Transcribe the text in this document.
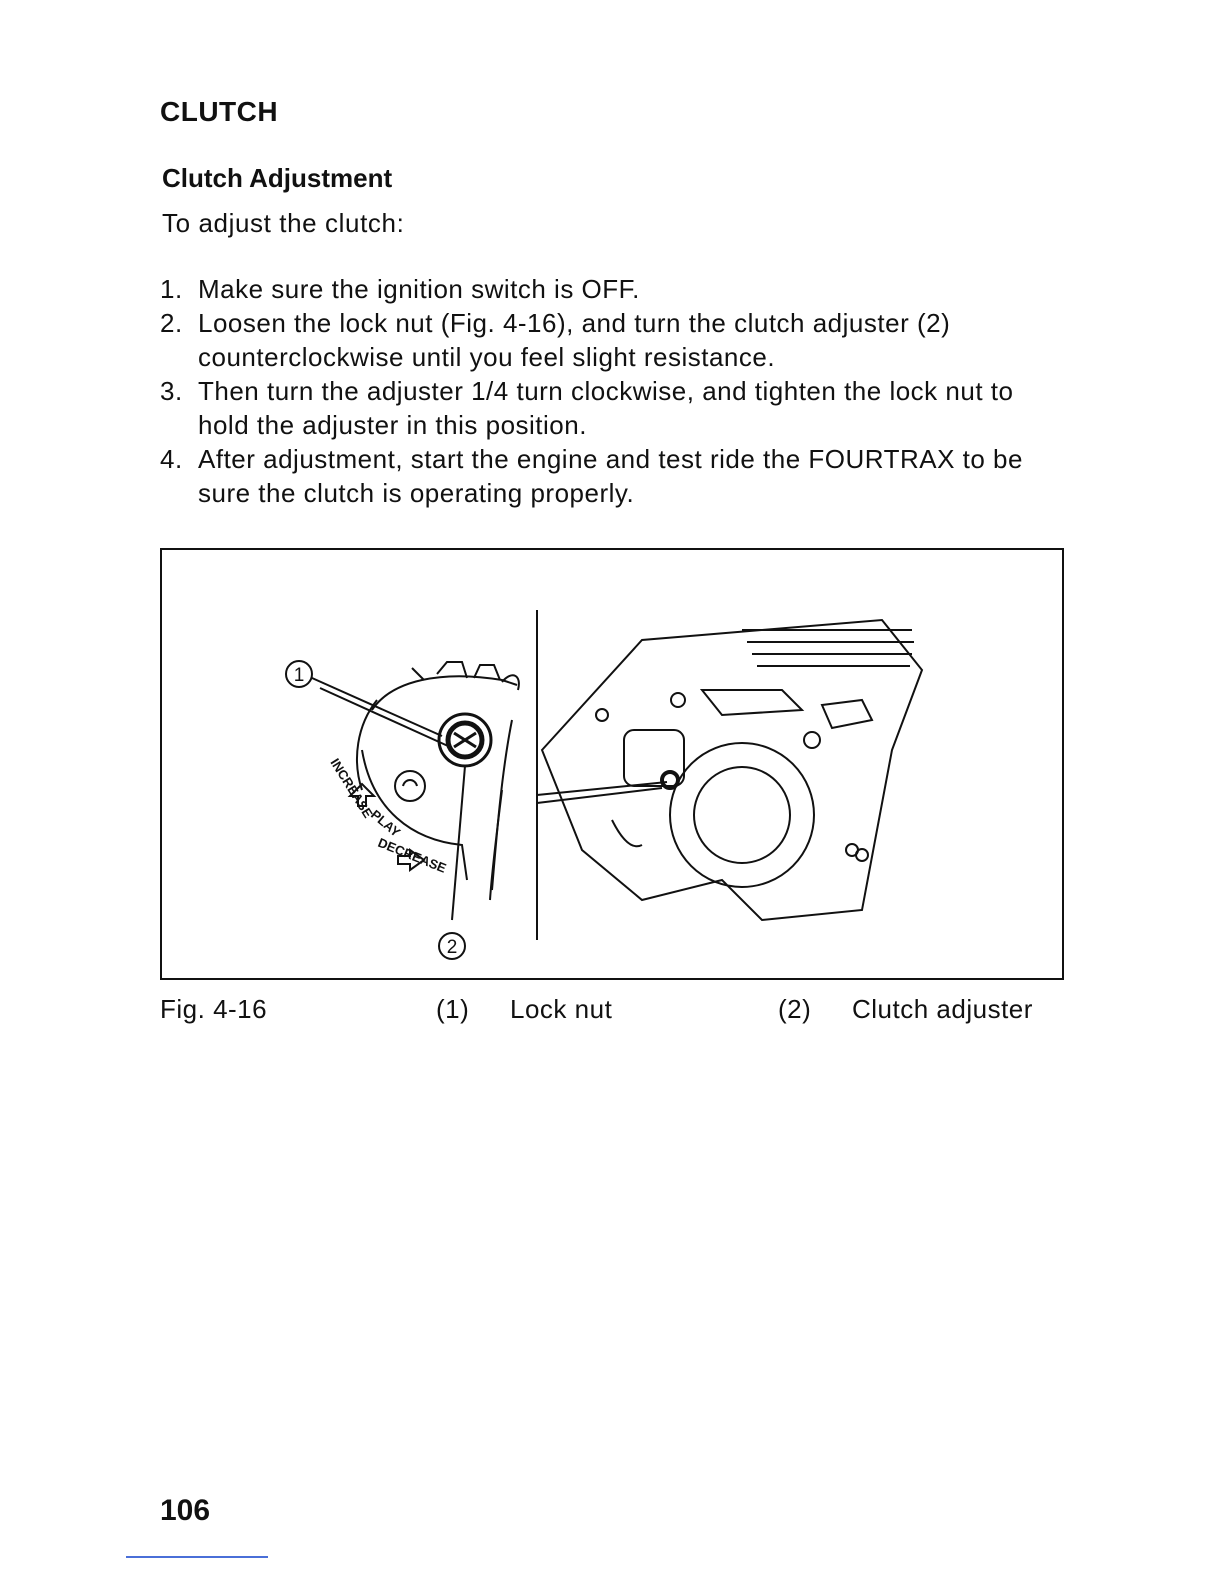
CLUTCH
Clutch Adjustment
To adjust the clutch:
1. Make sure the ignition switch is OFF.
2. Loosen the lock nut (Fig. 4-16), and turn the clutch adjuster (2) counterclockwise until you feel slight resistance.
3. Then turn the adjuster 1/4 turn clockwise, and tighten the lock nut to hold the adjuster in this position.
4. After adjustment, start the engine and test ride the FOURTRAX to be sure the clutch is operating properly.
1
2
INCREASE
PLAY
DECREASE
Fig. 4-16	(1) Lock nut	(2) Clutch adjuster
106
